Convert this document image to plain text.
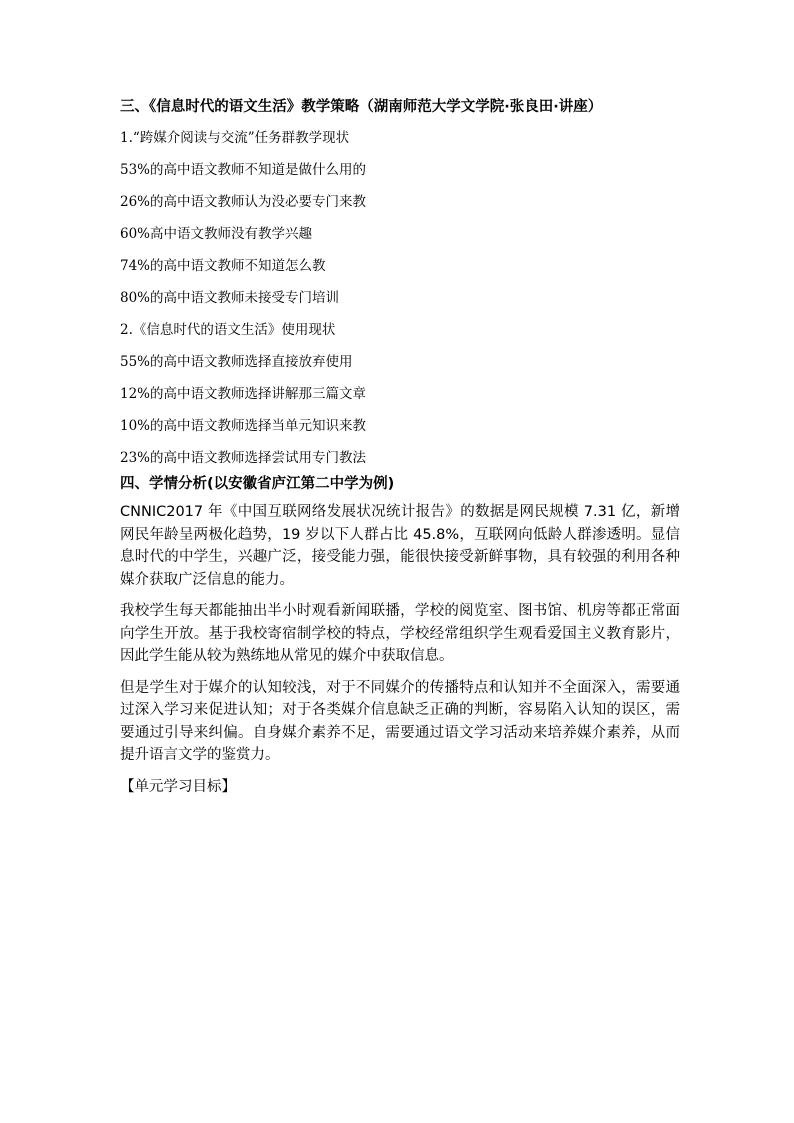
三、《信息时代的语文生活》教学策略（湖南师范大学文学院·张良田·讲座）

1.“跨媒介阅读与交流”任务群教学现状

53%的高中语文教师不知道是做什么用的

26%的高中语文教师认为没必要专门来教

60%高中语文教师没有教学兴趣

74%的高中语文教师不知道怎么教

80%的高中语文教师未接受专门培训

2.《信息时代的语文生活》使用现状

55%的高中语文教师选择直接放弃使用

12%的高中语文教师选择讲解那三篇文章

10%的高中语文教师选择当单元知识来教

23%的高中语文教师选择尝试用专门教法

四、学情分析(以安徽省庐江第二中学为例)

CNNIC2017 年《中国互联网络发展状况统计报告》的数据是网民规模 7.31 亿，新增网民年龄呈两极化趋势，19 岁以下人群占比 45.8%，互联网向低龄人群渗透明。显信息时代的中学生，兴趣广泛，接受能力强，能很快接受新鲜事物，具有较强的利用各种媒介获取广泛信息的能力。

我校学生每天都能抽出半小时观看新闻联播，学校的阅览室、图书馆、机房等都正常面向学生开放。基于我校寄宿制学校的特点，学校经常组织学生观看爱国主义教育影片，因此学生能从较为熟练地从常见的媒介中获取信息。

但是学生对于媒介的认知较浅，对于不同媒介的传播特点和认知并不全面深入，需要通过深入学习来促进认知；对于各类媒介信息缺乏正确的判断，容易陷入认知的误区，需要通过引导来纠偏。自身媒介素养不足，需要通过语文学习活动来培养媒介素养，从而提升语言文学的鉴赏力。

【单元学习目标】
